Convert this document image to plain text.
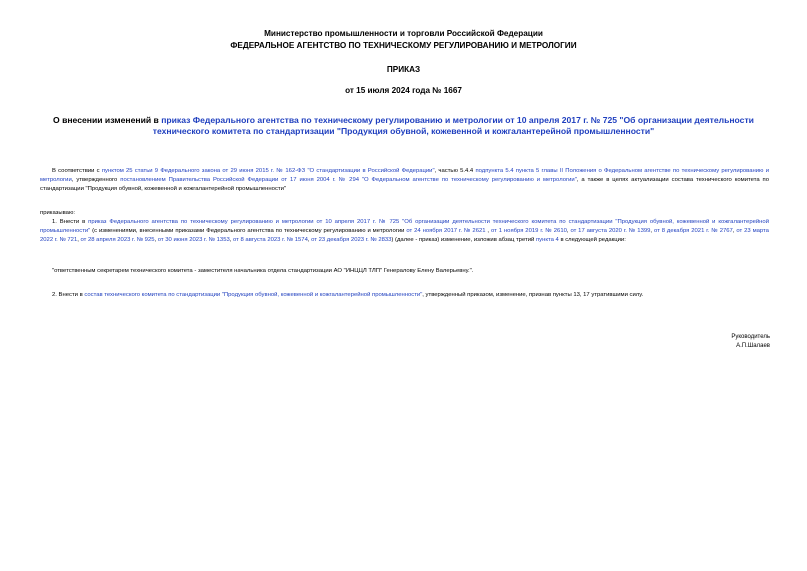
Министерство промышленности и торговли Российской Федерации
ФЕДЕРАЛЬНОЕ АГЕНТСТВО ПО ТЕХНИЧЕСКОМУ РЕГУЛИРОВАНИЮ И МЕТРОЛОГИИ
ПРИКАЗ
от 15 июля 2024 года № 1667
О внесении изменений в приказ Федерального агентства по техническому регулированию и метрологии от 10 апреля 2017 г. № 725 "Об организации деятельности технического комитета по стандартизации "Продукция обувной, кожевенной и кожгалантерейной промышленности"
В соответствии с пунктом 25 статьи 9 Федерального закона от 29 июня 2015 г. № 162-ФЗ "О стандартизации в Российской Федерации", частью 5.4.4 подпункта 5.4 пункта 5 главы II Положения о Федеральном агентстве по техническому регулированию и метрологии, утвержденного постановлением Правительства Российской Федерации от 17 июня 2004 г. № 294 "О Федеральном агентстве по техническому регулированию и метрологии", а также в целях актуализации состава технического комитета по стандартизации "Продукция обувной, кожевенной и кожгалантерейной промышленности"
приказываю:
1. Внести в приказ Федерального агентства по техническому регулированию и метрологии от 10 апреля 2017 г. № 725 "Об организации деятельности технического комитета по стандартизации "Продукция обувной, кожевенной и кожгалантерейной промышленности" (с изменениями, внесенными приказами Федерального агентства по техническому регулированию и метрологии от 24 ноября 2017 г. № 2621 , от 1 ноября 2019 г. № 2610, от 17 августа 2020 г. № 1399, от 8 декабря 2021 г. № 2767, от 23 марта 2022 г. № 721, от 28 апреля 2023 г. № 925, от 30 июня 2023 г. № 1353, от 8 августа 2023 г. № 1574, от 23 декабря 2023 г. № 2833) (далее - приказ) изменение, изложив абзац третий пункта 4 в следующей редакции:
"ответственным секретарем технического комитета - заместителя начальника отдела стандартизации АО "ИНЦЦЛ ТЛП" Генералову Елену Валерьевну.".
2. Внести в состав технического комитета по стандартизации "Продукция обувной, кожевенной и кожгалантерейной промышленности", утвержденный приказом, изменение, признав пункты 13, 17 утратившими силу.
Руководитель
А.П.Шалаев
